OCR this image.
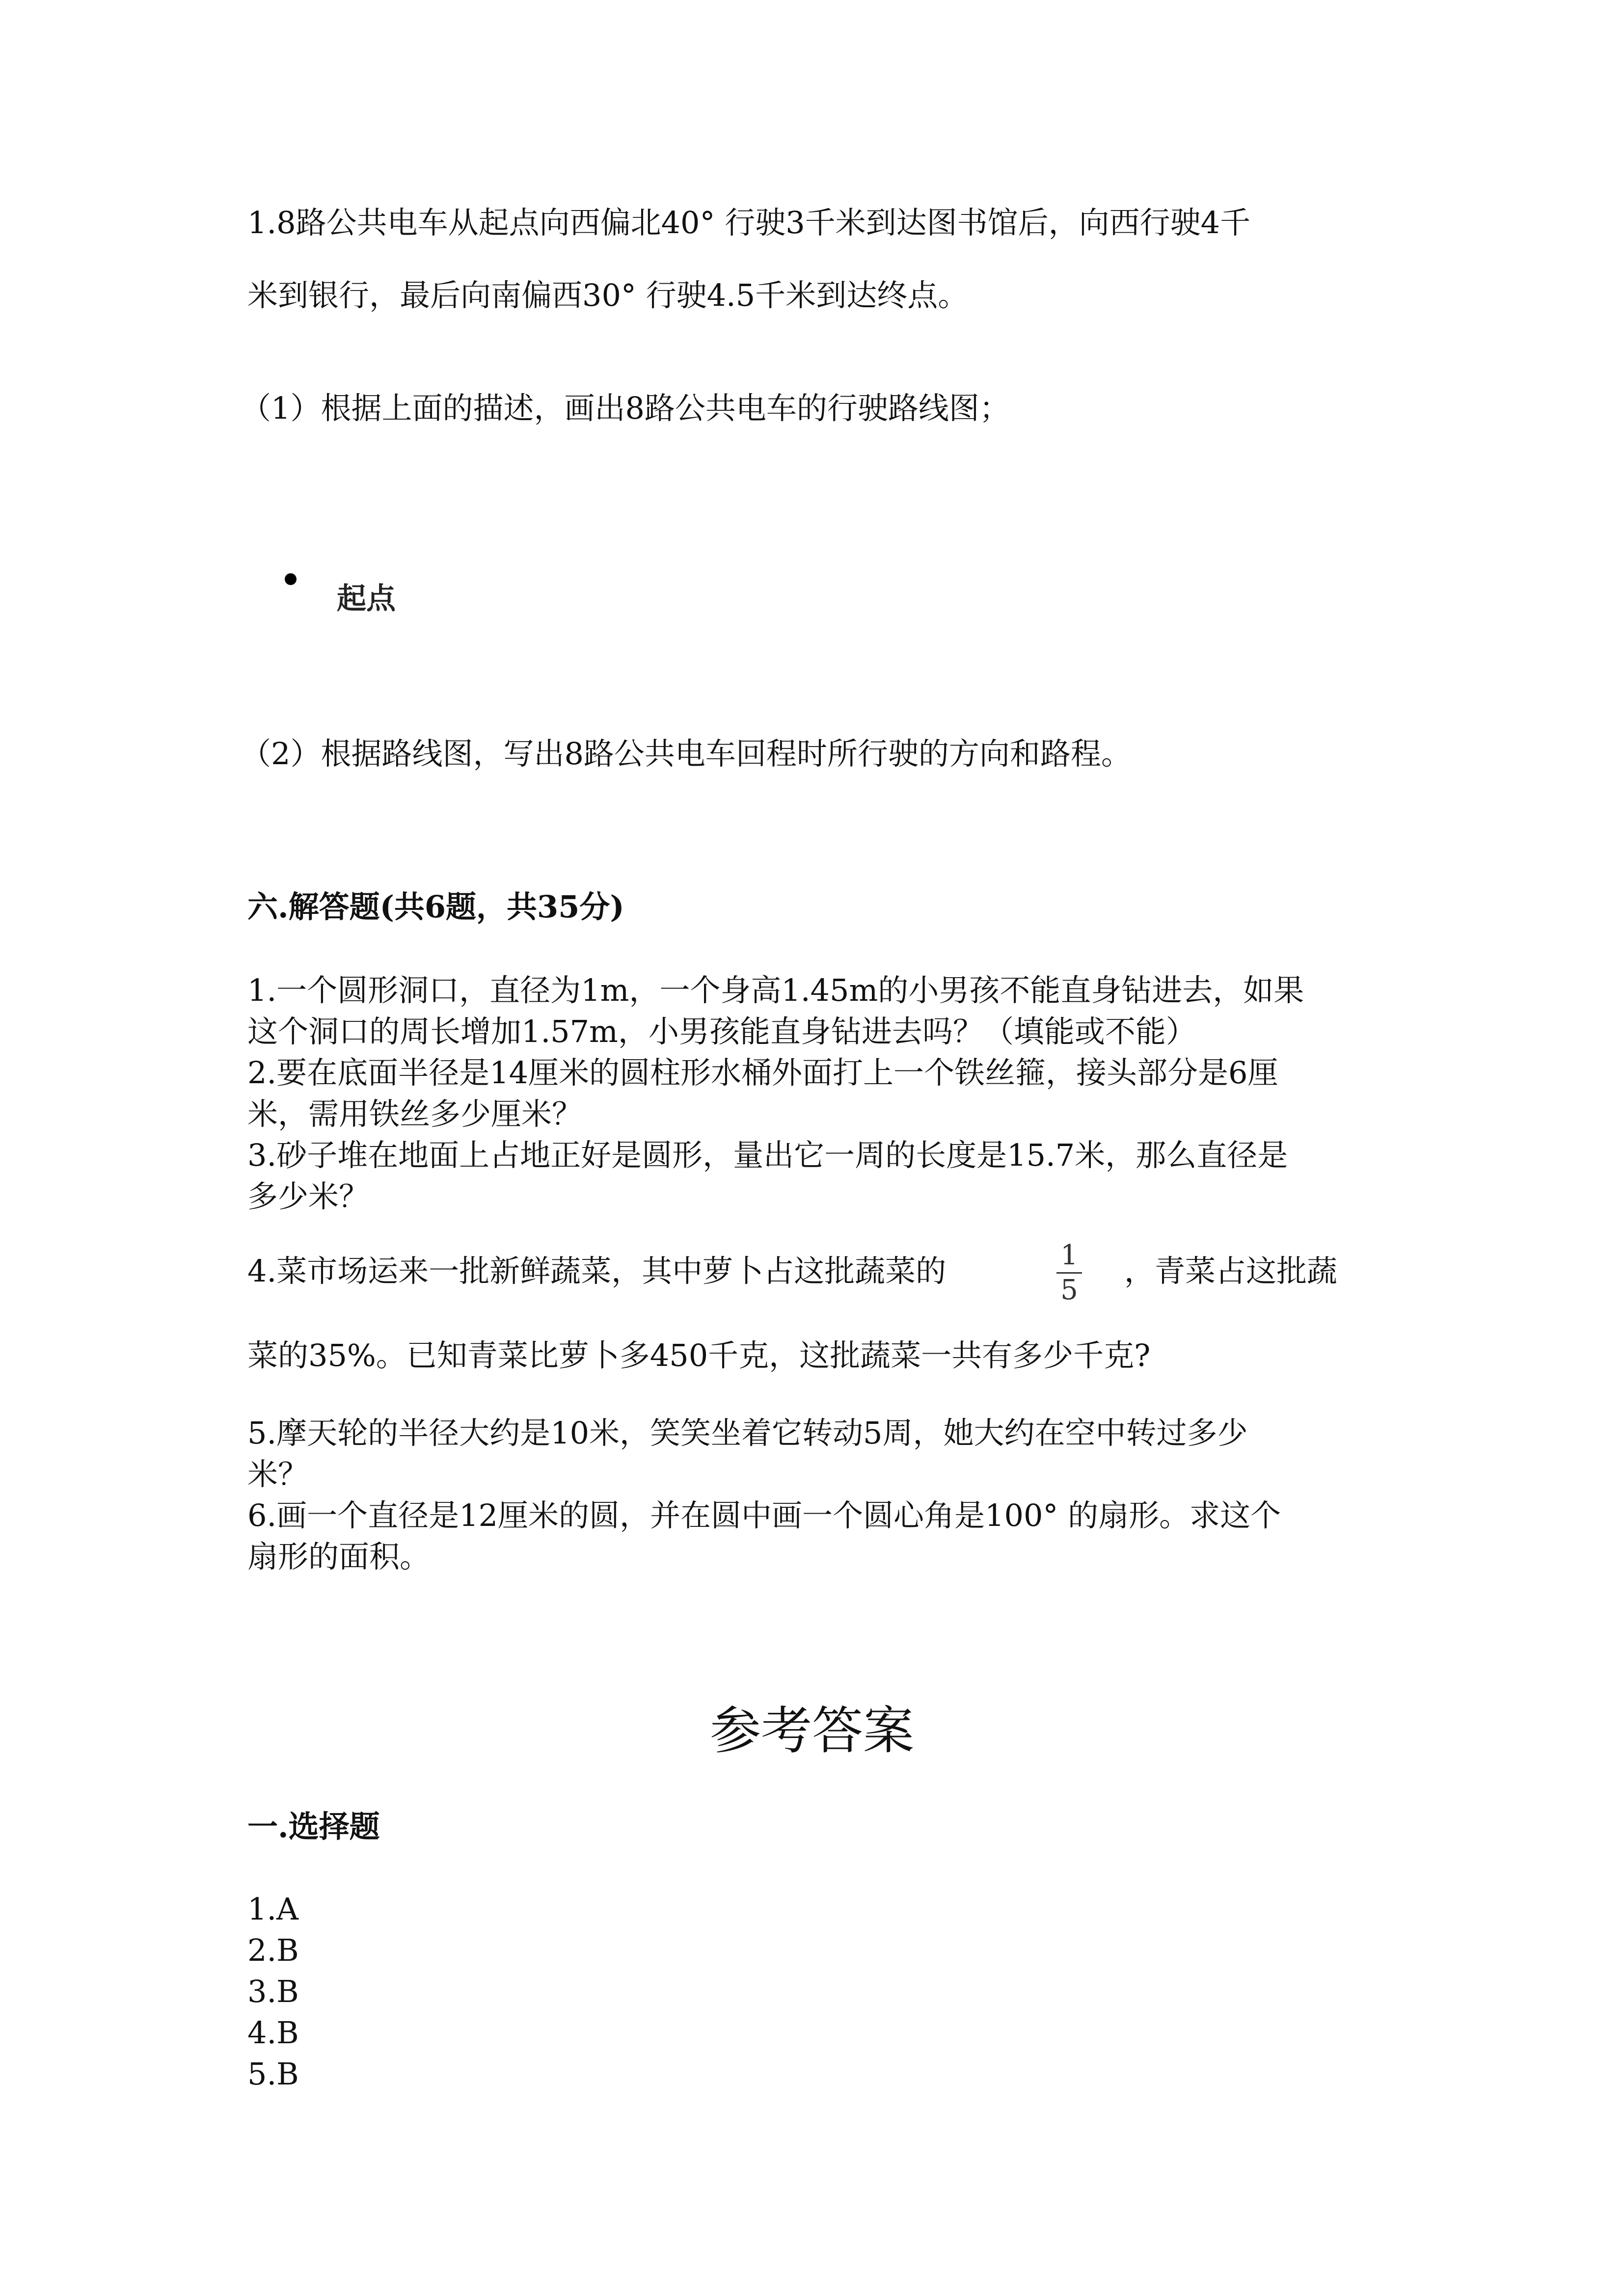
1.8路公共电车从起点向西偏北40° 行驶3千米到达图书馆后，向西行驶4千
米到银行，最后向南偏西30° 行驶4.5千米到达终点。
（1）根据上面的描述，画出8路公共电车的行驶路线图；
起点
（2）根据路线图，写出8路公共电车回程时所行驶的方向和路程。
六.解答题(共6题，共35分)
1.一个圆形洞口，直径为1m，一个身高1.45m的小男孩不能直身钻进去，如果
这个洞口的周长增加1.57m，小男孩能直身钻进去吗？（填能或不能）
2.要在底面半径是14厘米的圆柱形水桶外面打上一个铁丝箍，接头部分是6厘
米，需用铁丝多少厘米？
3.砂子堆在地面上占地正好是圆形，量出它一周的长度是15.7米，那么直径是
多少米？
4.菜市场运来一批新鲜蔬菜，其中萝卜占这批蔬菜的	1
5
，青菜占这批蔬
菜的35%。已知青菜比萝卜多450千克，这批蔬菜一共有多少千克?
5.摩天轮的半径大约是10米，笑笑坐着它转动5周，她大约在空中转过多少
米？
6.画一个直径是12厘米的圆，并在圆中画一个圆心角是100° 的扇形。求这个
扇形的面积。
参考答案
一.选择题
1.A
2.B
3.B
4.B
5.B
